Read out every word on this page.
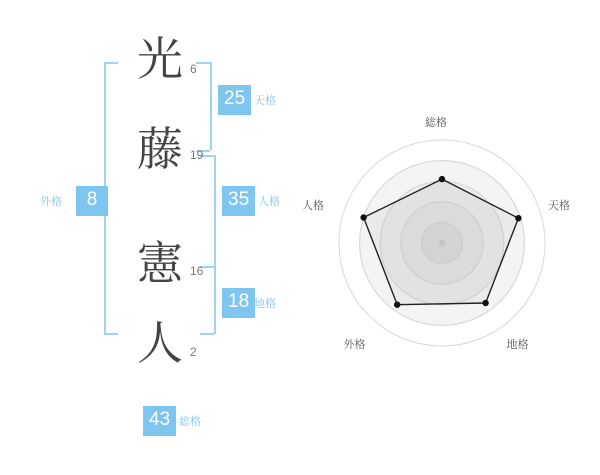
光
藤
憲
人
6
19
16
2
25 天格
35 人格
18 地格
8
外格
43 総格
総格
天格
地格
外格
人格
